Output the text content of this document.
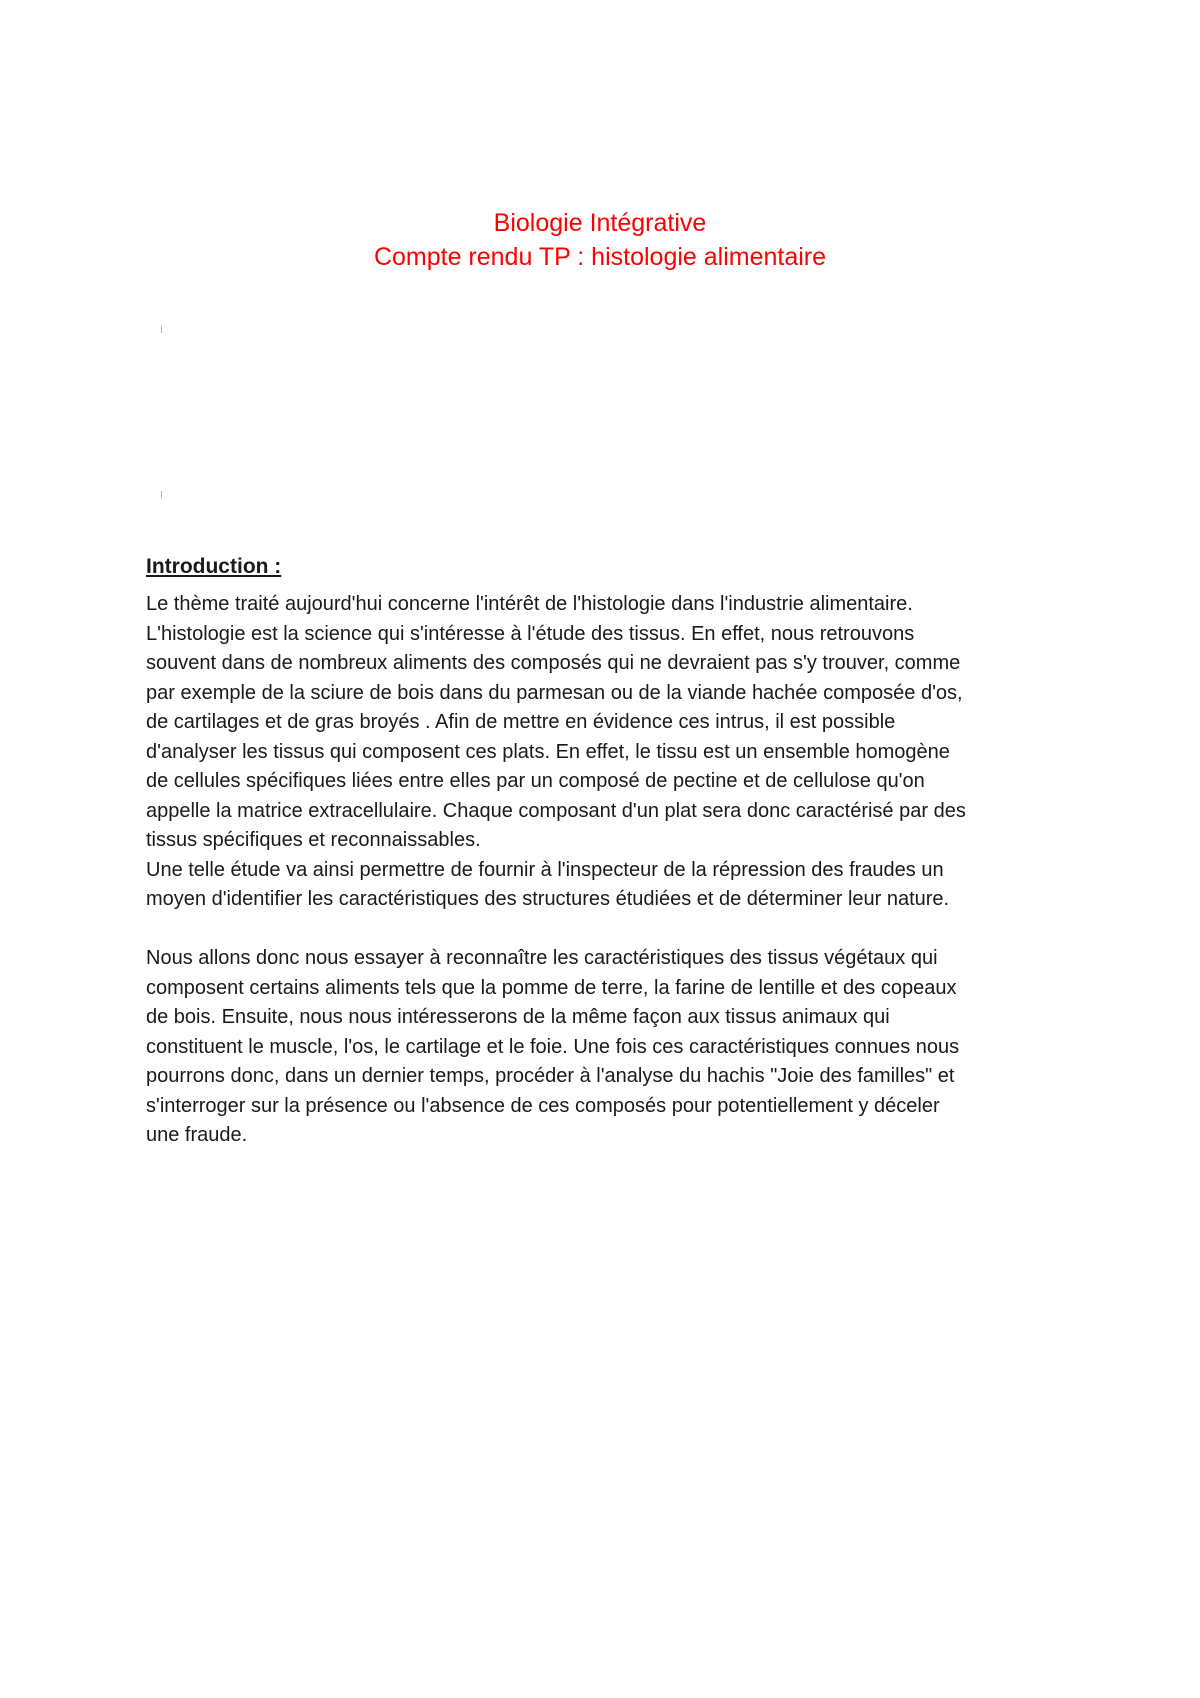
Biologie Intégrative
Compte rendu TP : histologie alimentaire
Introduction :

Le thème traité aujourd'hui concerne l'intérêt de l'histologie dans l'industrie alimentaire.
L'histologie est la science qui s'intéresse à l'étude des tissus. En effet, nous retrouvons
souvent dans de nombreux aliments des composés qui ne devraient pas s'y trouver, comme
par exemple de la sciure de bois dans du parmesan ou de la viande hachée composée d'os,
de cartilages et de gras broyés . Afin de mettre en évidence ces intrus, il est possible
d'analyser les tissus qui composent ces plats. En effet, le tissu est un ensemble homogène
de cellules spécifiques liées entre elles par un composé de pectine et de cellulose qu'on
appelle la matrice extracellulaire. Chaque composant d'un plat sera donc caractérisé par des
tissus spécifiques et reconnaissables.
Une telle étude va ainsi permettre de fournir à l'inspecteur de la répression des fraudes un
moyen d'identifier les caractéristiques des structures étudiées et de déterminer leur nature.

Nous allons donc nous essayer à reconnaître les caractéristiques des tissus végétaux qui
composent certains aliments tels que la pomme de terre, la farine de lentille et des copeaux
de bois. Ensuite, nous nous intéresserons de la même façon aux tissus animaux qui
constituent le muscle, l'os, le cartilage et le foie. Une fois ces caractéristiques connues nous
pourrons donc, dans un dernier temps, procéder à l'analyse du hachis "Joie des familles" et
s'interroger sur la présence ou l'absence de ces composés pour potentiellement y déceler
une fraude.
